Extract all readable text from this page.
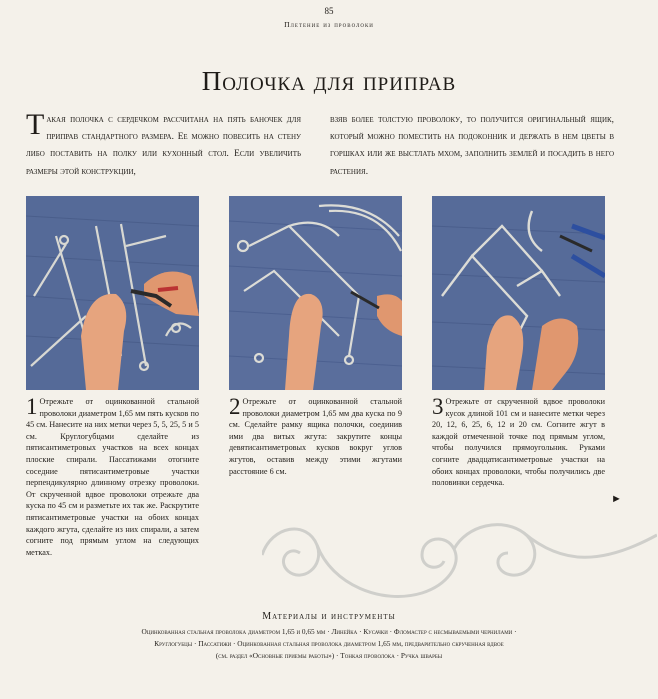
85
Плетение из проволоки
Полочка для приправ
Такая полочка с сердечком рассчитана на пять баночек для приправ стандартного размера. Ее можно повесить на стену либо поставить на полку или кухонный стол. Если увеличить размеры этой конструкции,
взяв более толстую проволоку, то получится оригинальный ящик, который можно поместить на подоконник и держать в нем цветы в горшках или же выстлать мхом, заполнить землей и посадить в него растения.
1 Отрежьте от оцинкованной стальной проволоки диаметром 1,65 мм пять кусков по 45 см. Нанесите на них метки через 5, 5, 25, 5 и 5 см. Круглогубцами сделайте из пятисантиметровых участков на всех концах плоские спирали. Пассатижами отогните соседние пятисантиметровые участки перпендикулярно длинному отрезку проволоки. От скрученной вдвое проволоки отрежьте два куска по 45 см и разметьте их так же. Раскрутите пятисантиметровые участки на обоих концах каждого жгута, сделайте из них спирали, а затем согните под прямым углом на следующих метках.
2 Отрежьте от оцинкованной стальной проволоки диаметром 1,65 мм два куска по 9 см. Сделайте рамку ящика полочки, соединив ими два витых жгута: закрутите концы девятисантиметровых кусков вокруг углов жгутов, оставив между этими жгутами расстояние 6 см.
3 Отрежьте от скрученной вдвое проволоки кусок длиной 101 см и нанесите метки через 20, 12, 6, 25, 6, 12 и 20 см. Согните жгут в каждой отмеченной точке под прямым углом, чтобы получился прямоугольник. Руками согните двадцатисантиметровые участки на обоих концах проволоки, чтобы получились две половинки сердечка.
►
Материалы и инструменты
Оцинкованная стальная проволока диаметром 1,65 и 0,65 мм · Линейка · Кусачки · Фломастер с несмываемыми чернилами ·
Круглогубцы · Пассатижи · Оцинкованная стальная проволока диаметром 1,65 мм, предварительно скрученная вдвое
(см. раздел «Основные приемы работы») · Тонкая проволока · Ручка шварбы
